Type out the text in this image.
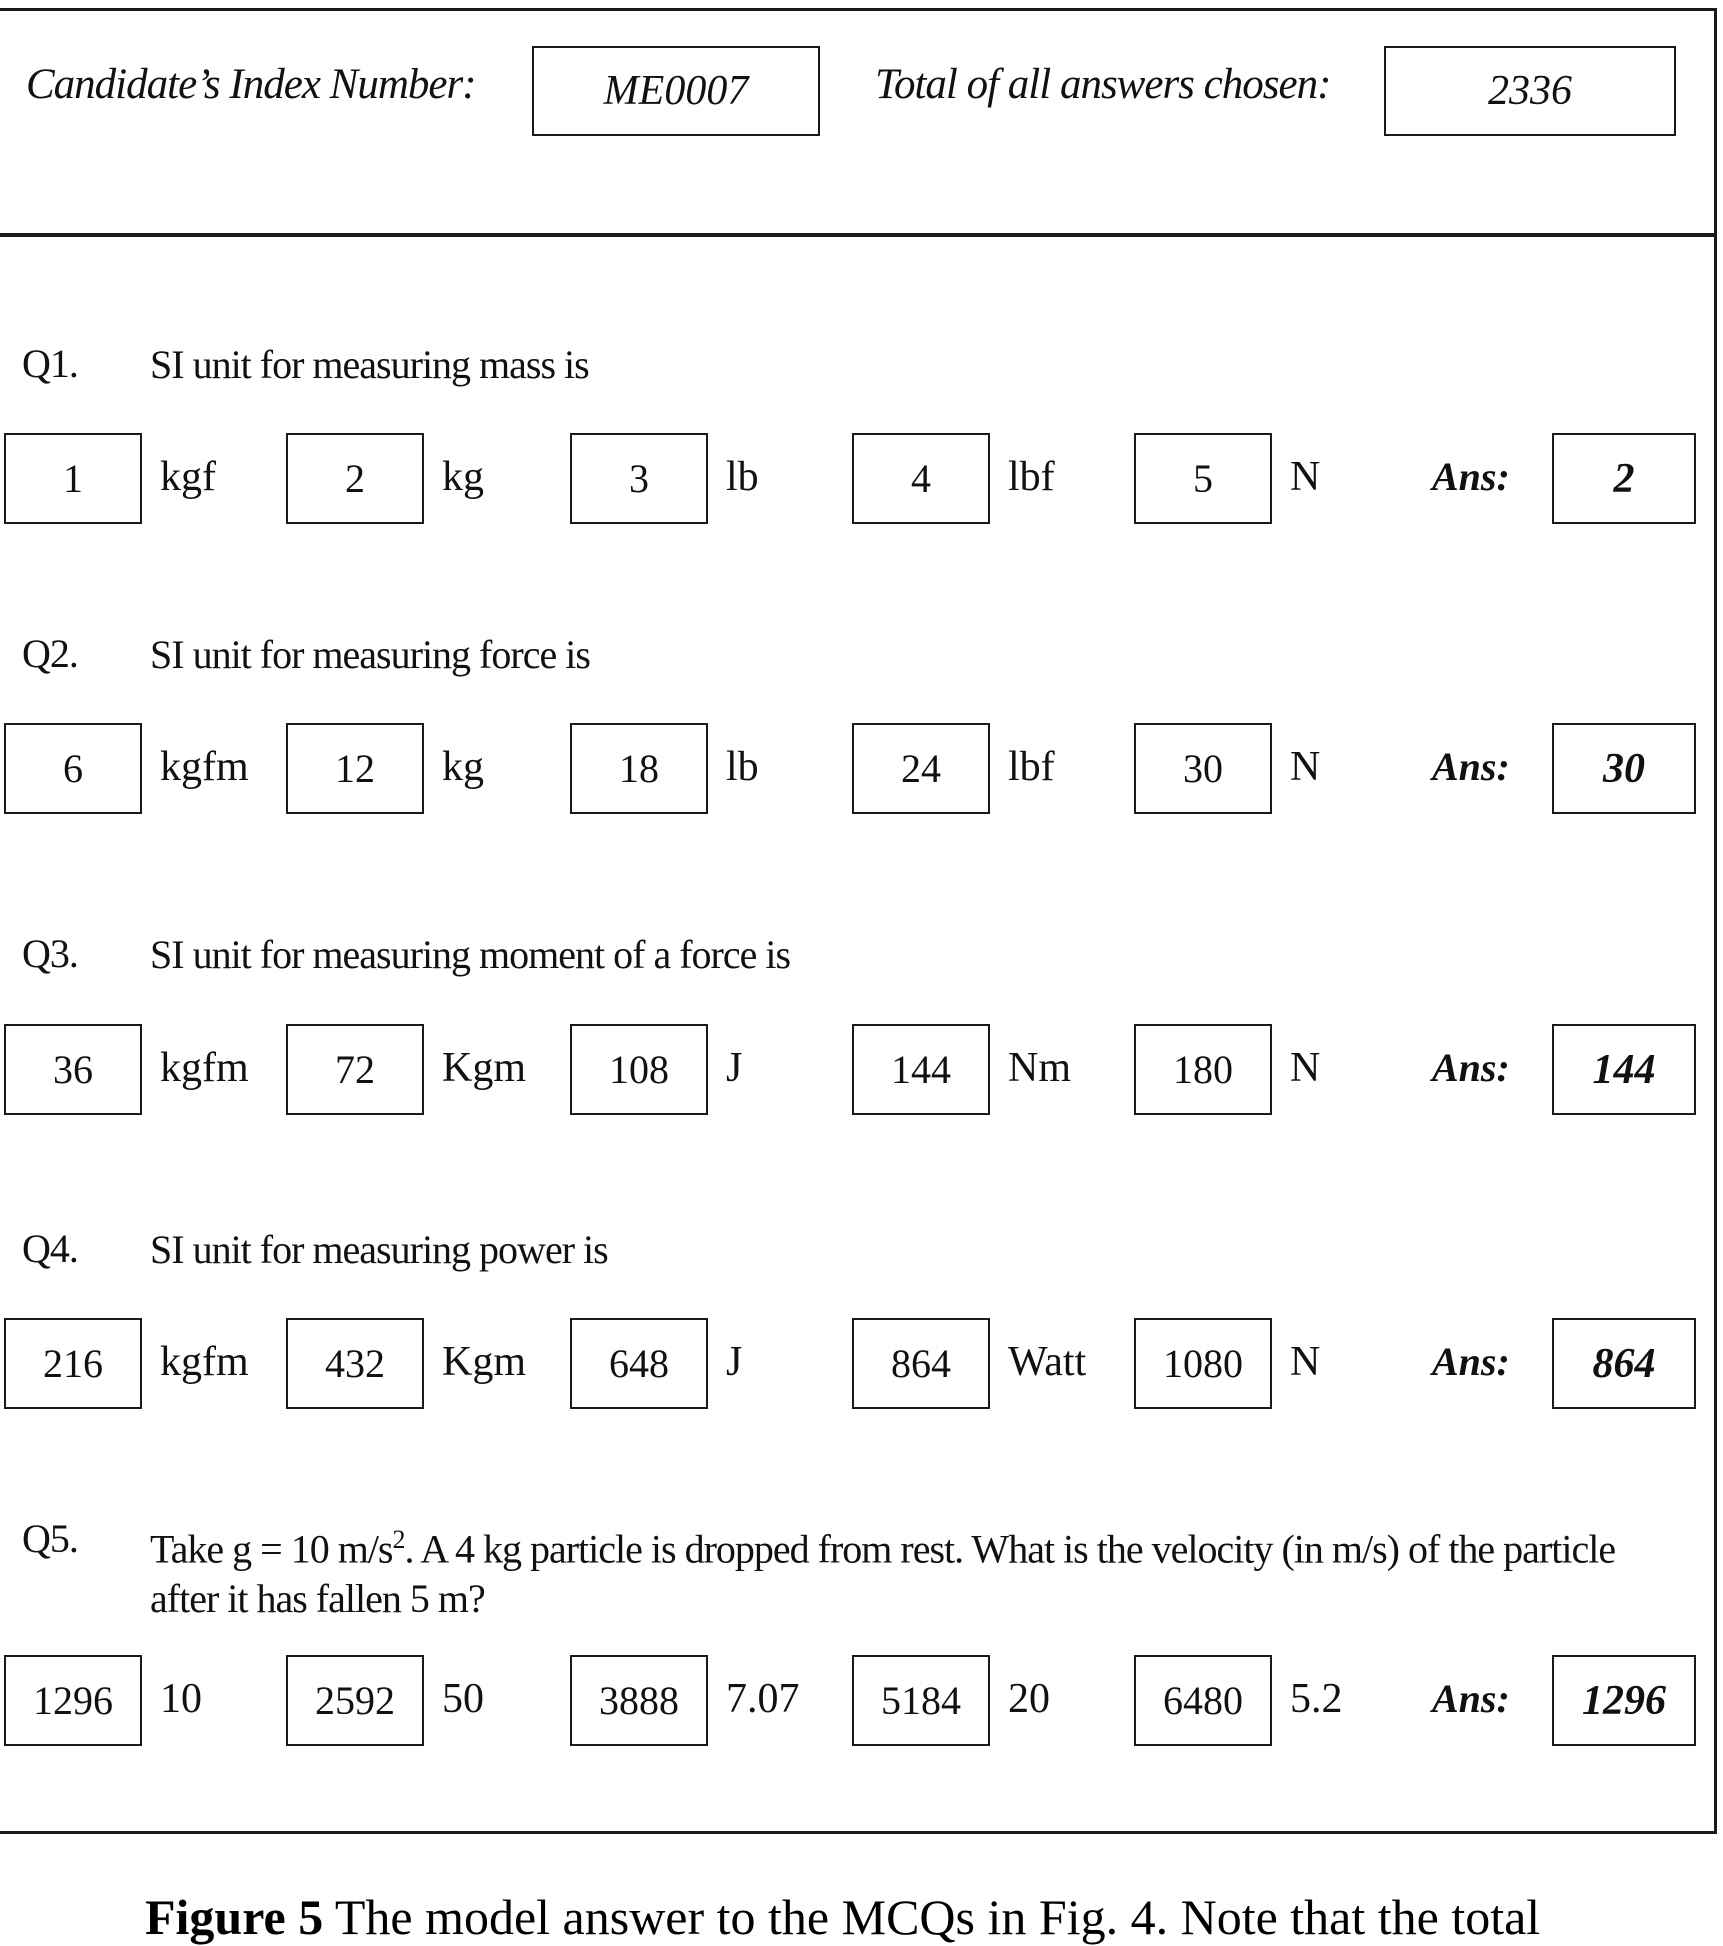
Candidate’s Index Number:	ME0007	Total of all answers chosen:	2336
Q1. SI unit for measuring mass is
1	kgf	2	kg	3	lb	4	lbf	5	N	Ans:	2
Q2. SI unit for measuring force is
6	kgfm	12	kg	18	lb	24	lbf	30	N	Ans:	30
Q3. SI unit for measuring moment of a force is
36	kgfm	72	Kgm	108	J	144	Nm	180	N	Ans:	144
Q4. SI unit for measuring power is
216	kgfm	432	Kgm	648	J	864	Watt	1080	N	Ans:	864
Q5. Take g = 10 $m/s^2$. A 4 kg particle is dropped from rest. What is the velocity (in m/s) of the particle after it has fallen 5 m?
1296	10	2592	50	3888	7.07	5184	20	6480	5.2 Ans:	1296
Figure 5 The model answer to the MCQs in Fig. 4. Note that the total
